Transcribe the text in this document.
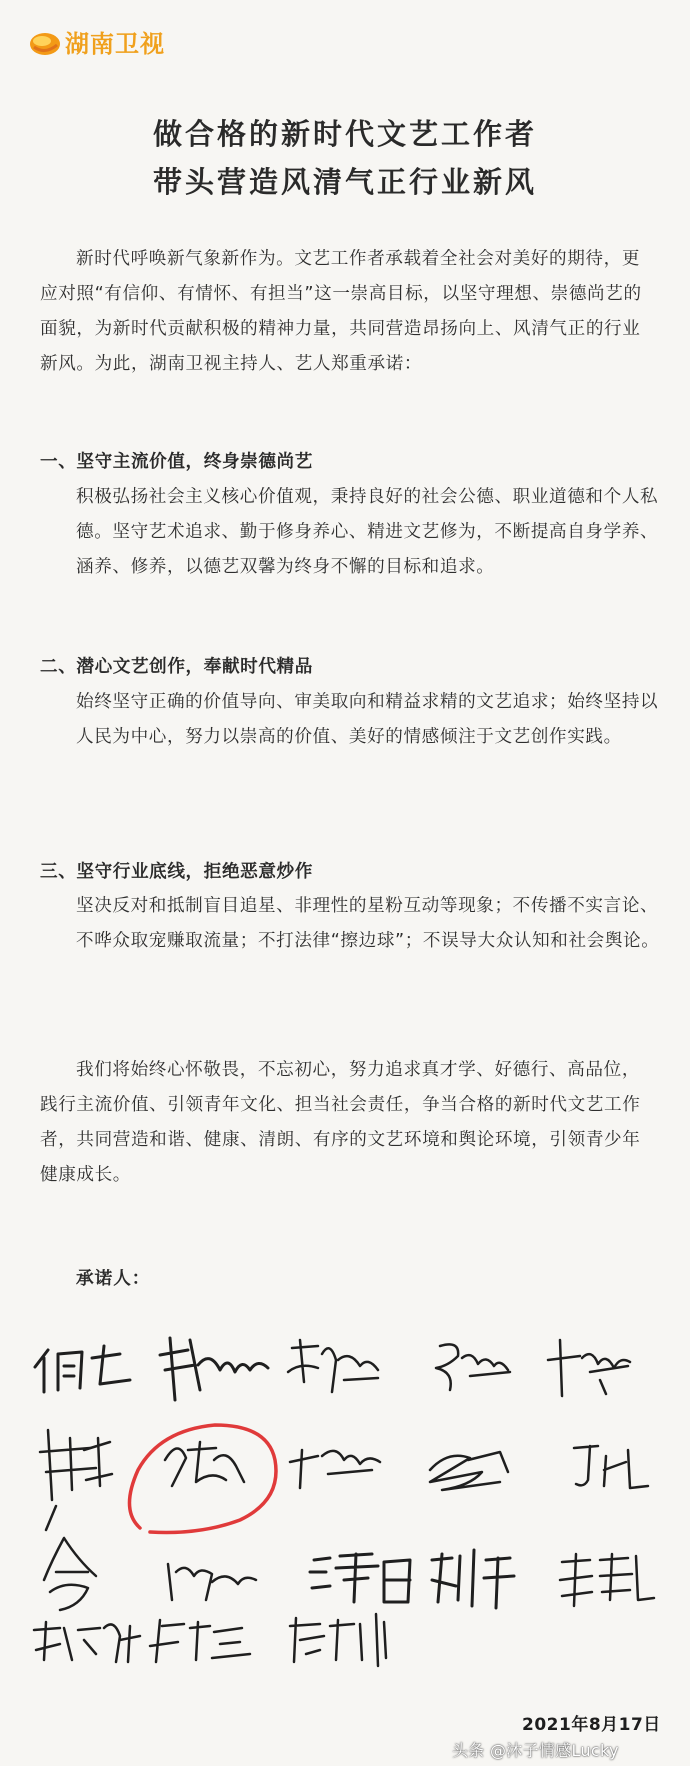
湖南卫视
做合格的新时代文艺工作者
带头营造风清气正行业新风
新时代呼唤新气象新作为。文艺工作者承载着全社会对美好的期待，更应对照“有信仰、有情怀、有担当”这一崇高目标，以坚守理想、崇德尚艺的面貌，为新时代贡献积极的精神力量，共同营造昂扬向上、风清气正的行业新风。为此，湖南卫视主持人、艺人郑重承诺：
一、坚守主流价值，终身崇德尚艺
积极弘扬社会主义核心价值观，秉持良好的社会公德、职业道德和个人私德。坚守艺术追求、勤于修身养心、精进文艺修为，不断提高自身学养、涵养、修养，以德艺双馨为终身不懈的目标和追求。
二、潜心文艺创作，奉献时代精品
始终坚守正确的价值导向、审美取向和精益求精的文艺追求；始终坚持以人民为中心，努力以崇高的价值、美好的情感倾注于文艺创作实践。
三、坚守行业底线，拒绝恶意炒作
坚决反对和抵制盲目追星、非理性的星粉互动等现象；不传播不实言论、不哗众取宠赚取流量；不打法律“擦边球”；不误导大众认知和社会舆论。
我们将始终心怀敬畏，不忘初心，努力追求真才学、好德行、高品位，践行主流价值、引领青年文化、担当社会责任，争当合格的新时代文艺工作者，共同营造和谐、健康、清朗、有序的文艺环境和舆论环境，引领青少年健康成长。
承诺人：
2021年8月17日
头条 @沐子情感Lucky
